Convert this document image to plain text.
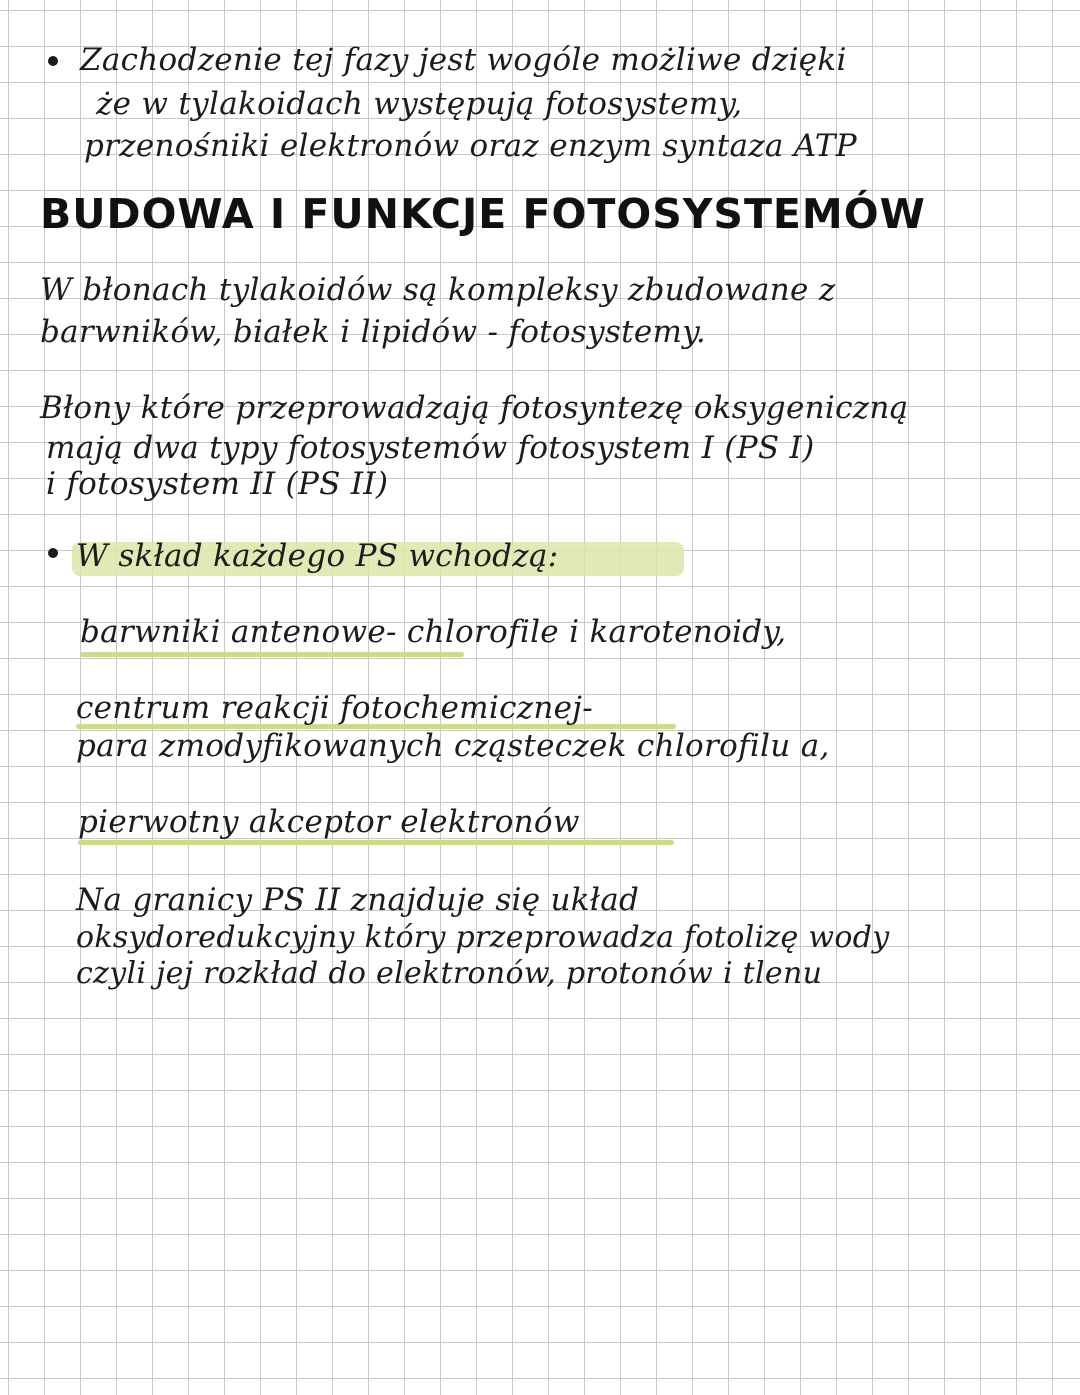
Zachodzenie tej fazy jest wogóle możliwe dzięki
że w tylakoidach występują fotosystemy,
przenośniki elektronów oraz enzym syntaza ATP
BUDOWA I FUNKCJE FOTOSYSTEMÓW
W błonach tylakoidów są kompleksy zbudowane z
barwników, białek i lipidów - fotosystemy.
Błony które przeprowadzają fotosyntezę oksygeniczną
mają dwa typy fotosystemów fotosystem I (PS I)
i fotosystem II (PS II)
W skład każdego PS wchodzą:
barwniki antenowe- chlorofile i karotenoidy,
centrum reakcji fotochemicznej-
para zmodyfikowanych cząsteczek chlorofilu a,
pierwotny akceptor elektronów
Na granicy PS II znajduje się układ
oksydoredukcyjny który przeprowadza fotolizę wody
czyli jej rozkład do elektronów, protonów i tlenu
